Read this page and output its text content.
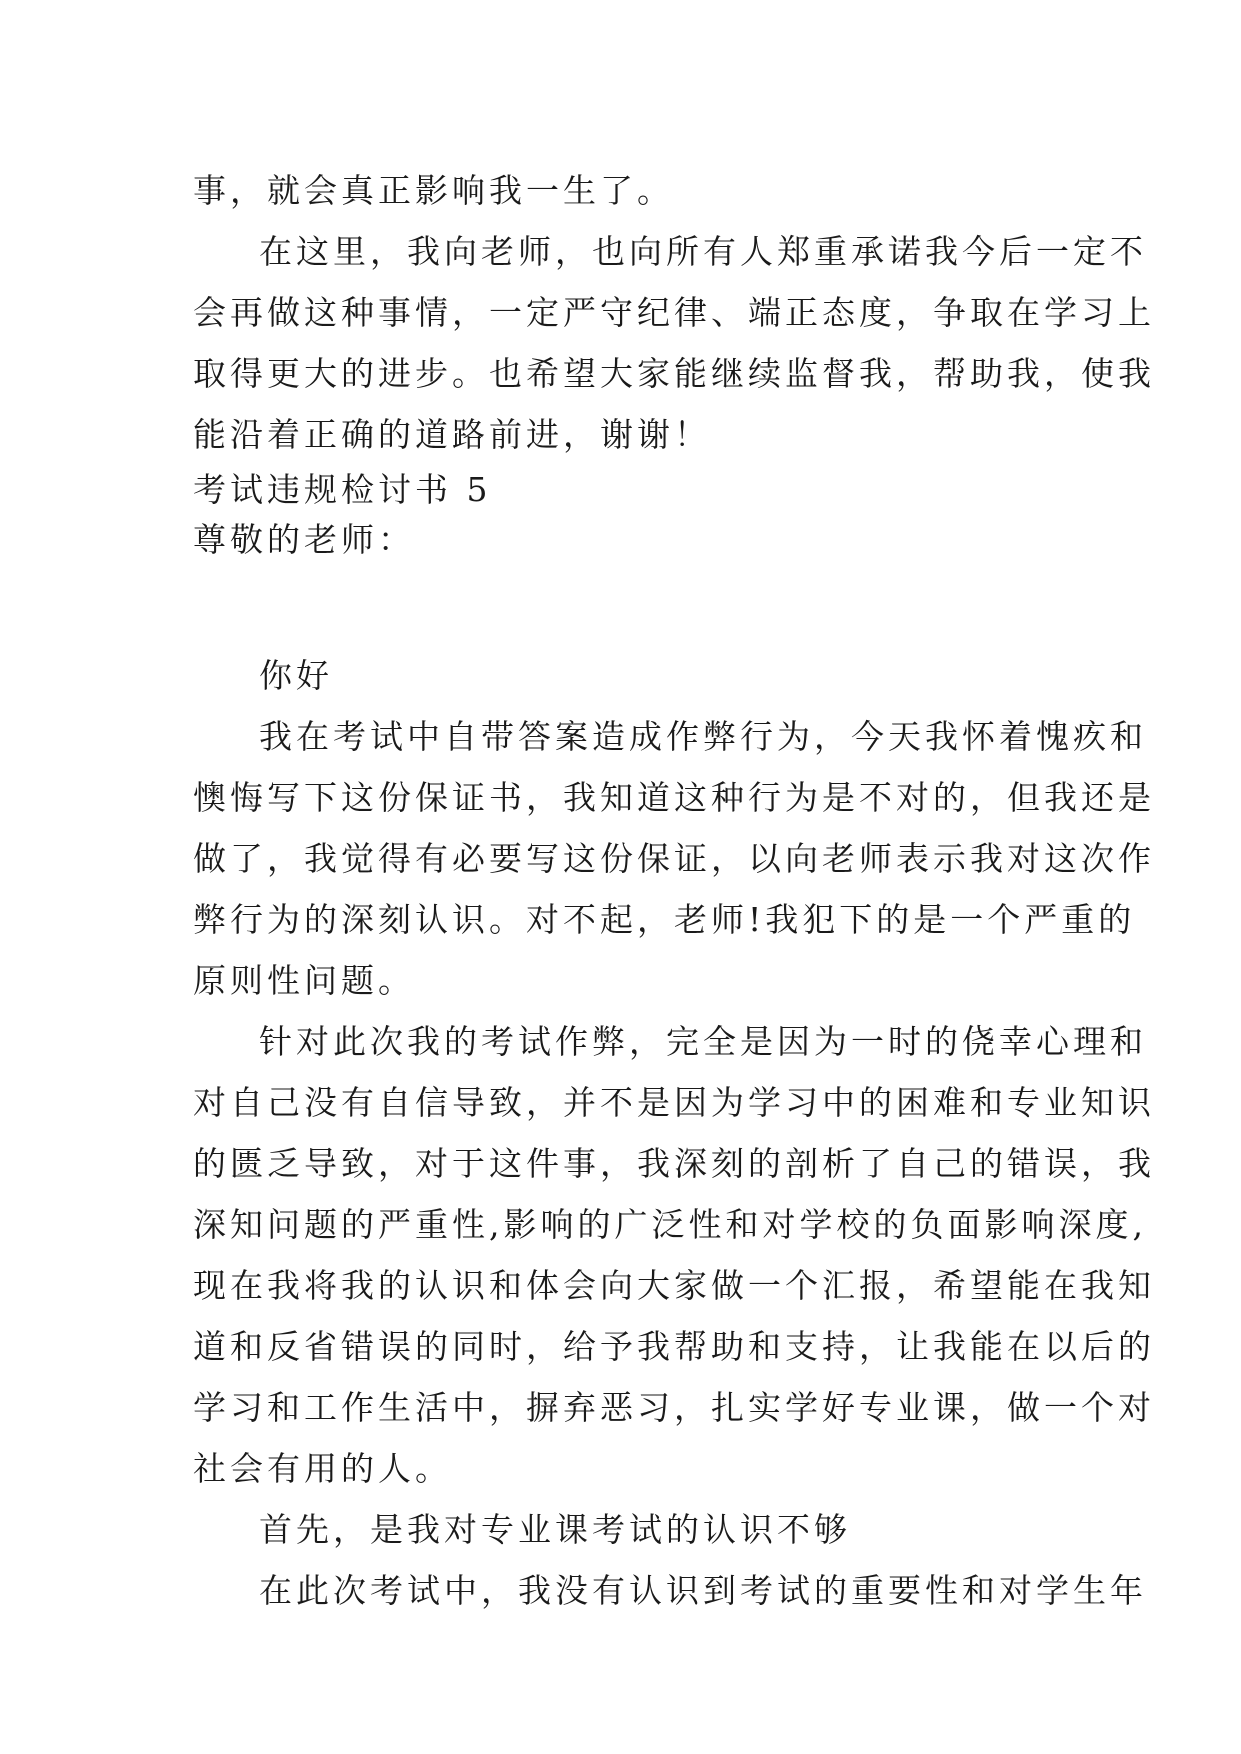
事，就会真正影响我一生了。
在这里，我向老师，也向所有人郑重承诺我今后一定不
会再做这种事情，一定严守纪律、端正态度，争取在学习上
取得更大的进步。也希望大家能继续监督我，帮助我，使我
能沿着正确的道路前进，谢谢！
考试违规检讨书 5
尊敬的老师：
你好
我在考试中自带答案造成作弊行为，今天我怀着愧疚和
懊悔写下这份保证书，我知道这种行为是不对的，但我还是
做了，我觉得有必要写这份保证，以向老师表示我对这次作
弊行为的深刻认识。对不起，老师!我犯下的是一个严重的
原则性问题。
针对此次我的考试作弊，完全是因为一时的侥幸心理和
对自己没有自信导致，并不是因为学习中的困难和专业知识
的匮乏导致，对于这件事，我深刻的剖析了自己的错误，我
深知问题的严重性,影响的广泛性和对学校的负面影响深度,
现在我将我的认识和体会向大家做一个汇报，希望能在我知
道和反省错误的同时，给予我帮助和支持，让我能在以后的
学习和工作生活中，摒弃恶习，扎实学好专业课，做一个对
社会有用的人。
首先，是我对专业课考试的认识不够
在此次考试中，我没有认识到考试的重要性和对学生年
